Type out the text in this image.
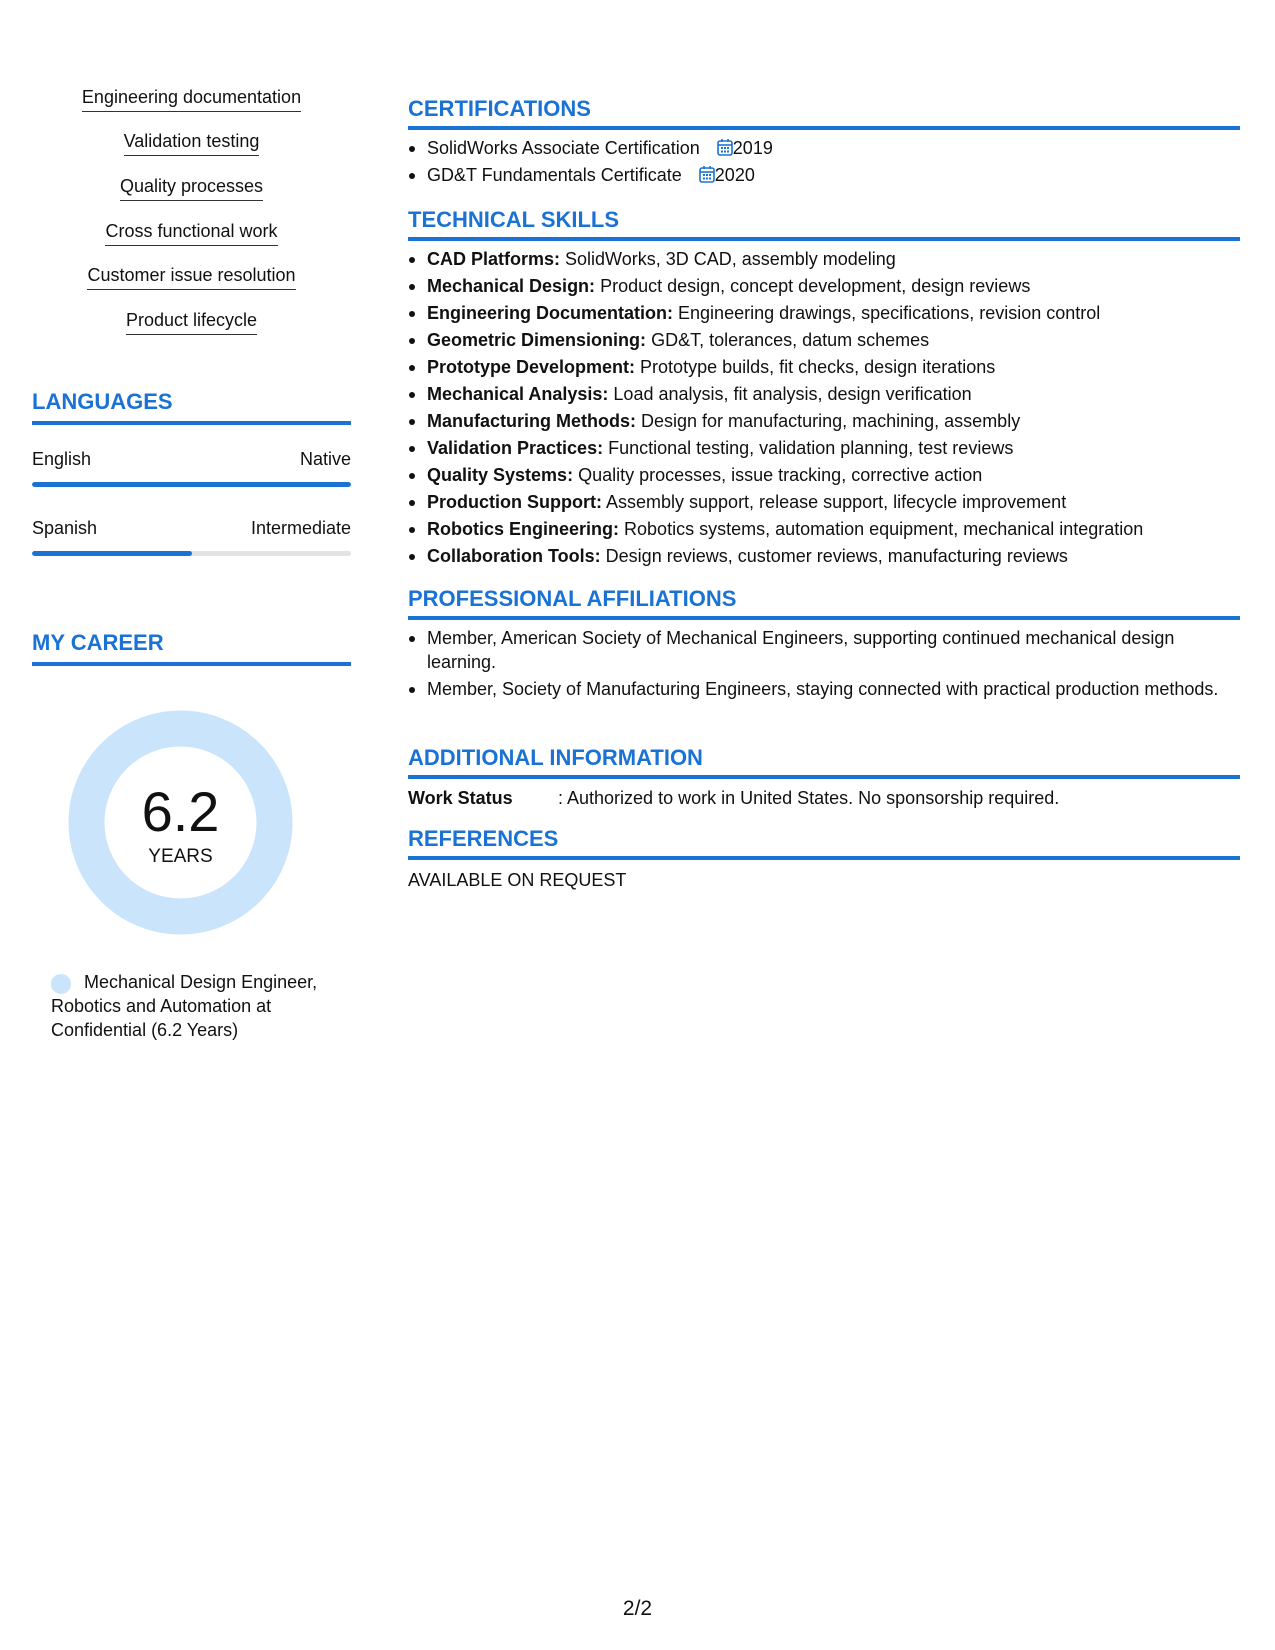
Engineering documentation
Validation testing
Quality processes
Cross functional work
Customer issue resolution
Product lifecycle
LANGUAGES
English	Native
Spanish	Intermediate
MY CAREER
6.2
YEARS
Mechanical Design Engineer, Robotics and Automation at Confidential (6.2 Years)
CERTIFICATIONS
SolidWorks Associate Certification 2019
GD&T Fundamentals Certificate 2020
TECHNICAL SKILLS
CAD Platforms: SolidWorks, 3D CAD, assembly modeling
Mechanical Design: Product design, concept development, design reviews
Engineering Documentation: Engineering drawings, specifications, revision control
Geometric Dimensioning: GD&T, tolerances, datum schemes
Prototype Development: Prototype builds, fit checks, design iterations
Mechanical Analysis: Load analysis, fit analysis, design verification
Manufacturing Methods: Design for manufacturing, machining, assembly
Validation Practices: Functional testing, validation planning, test reviews
Quality Systems: Quality processes, issue tracking, corrective action
Production Support: Assembly support, release support, lifecycle improvement
Robotics Engineering: Robotics systems, automation equipment, mechanical integration
Collaboration Tools: Design reviews, customer reviews, manufacturing reviews
PROFESSIONAL AFFILIATIONS
Member, American Society of Mechanical Engineers, supporting continued mechanical design learning.
Member, Society of Manufacturing Engineers, staying connected with practical production methods.
ADDITIONAL INFORMATION
Work Status	: Authorized to work in United States. No sponsorship required.
REFERENCES
AVAILABLE ON REQUEST
2/2
